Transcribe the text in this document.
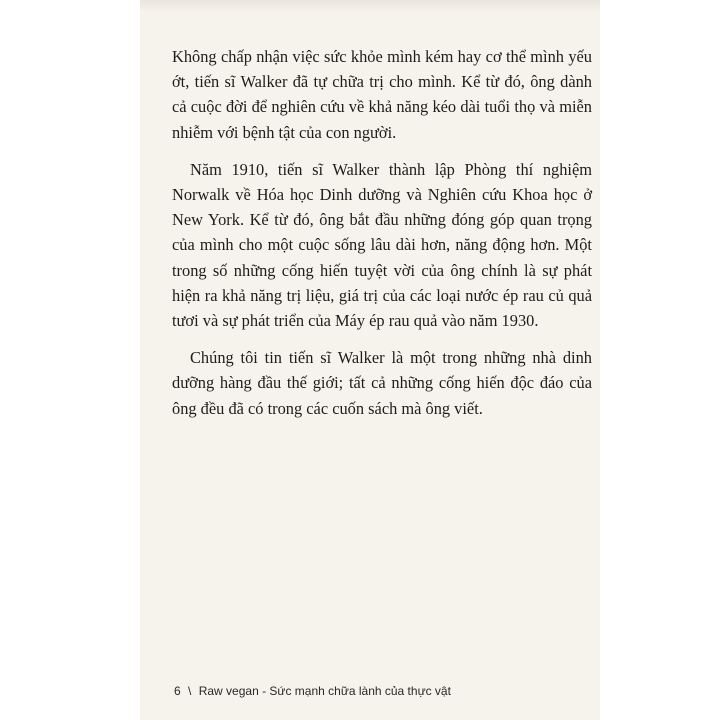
Không chấp nhận việc sức khỏe mình kém hay cơ thể mình yếu ớt, tiến sĩ Walker đã tự chữa trị cho mình. Kể từ đó, ông dành cả cuộc đời để nghiên cứu về khả năng kéo dài tuổi thọ và miễn nhiễm với bệnh tật của con người.

Năm 1910, tiến sĩ Walker thành lập Phòng thí nghiệm Norwalk về Hóa học Dinh dưỡng và Nghiên cứu Khoa học ở New York. Kể từ đó, ông bắt đầu những đóng góp quan trọng của mình cho một cuộc sống lâu dài hơn, năng động hơn. Một trong số những cống hiến tuyệt vời của ông chính là sự phát hiện ra khả năng trị liệu, giá trị của các loại nước ép rau củ quả tươi và sự phát triển của Máy ép rau quả vào năm 1930.

Chúng tôi tin tiến sĩ Walker là một trong những nhà dinh dưỡng hàng đầu thế giới; tất cả những cống hiến độc đáo của ông đều đã có trong các cuốn sách mà ông viết.

6 \ Raw vegan - Sức mạnh chữa lành của thực vật
